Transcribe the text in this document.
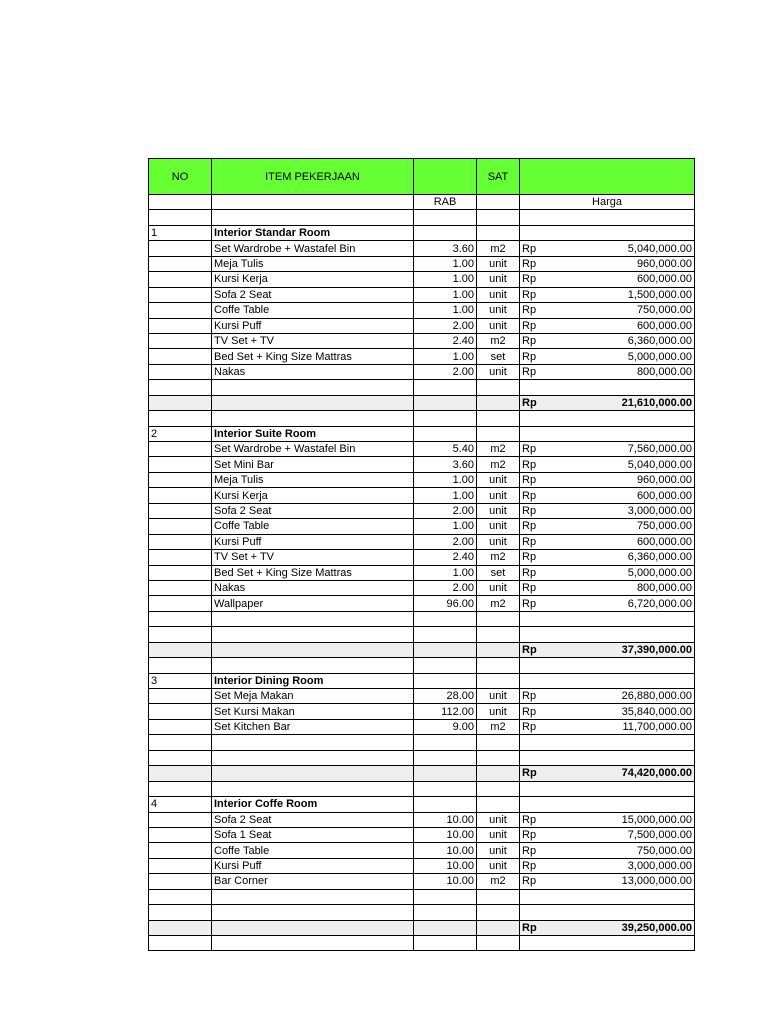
NO	ITEM PEKERJAAN		SAT	
		RAB		Harga

1	Interior Standar Room			
	Set Wardrobe + Wastafel Bin	3.60	m2	Rp 5,040,000.00

	Meja Tulis	1.00	unit	Rp 960,000.00

	Kursi Kerja	1.00	unit	Rp 600,000.00

	Sofa 2 Seat	1.00	unit	Rp 1,500,000.00

	Coffe Table	1.00	unit	Rp 750,000.00

	Kursi Puff	2.00	unit	Rp 600,000.00

	TV Set + TV	2.40	m2	Rp 6,360,000.00

	Bed Set + King Size Mattras	1.00	set	Rp 5,000,000.00

	Nakas	2.00	unit	Rp 800,000.00

				Rp 21,610,000.00

2	Interior Suite Room			
	Set Wardrobe + Wastafel Bin	5.40	m2	Rp 7,560,000.00

	Set Mini Bar	3.60	m2	Rp 5,040,000.00

	Meja Tulis	1.00	unit	Rp 960,000.00

	Kursi Kerja	1.00	unit	Rp 600,000.00

	Sofa 2 Seat	2.00	unit	Rp 3,000,000.00

	Coffe Table	1.00	unit	Rp 750,000.00

	Kursi Puff	2.00	unit	Rp 600,000.00

	TV Set + TV	2.40	m2	Rp 6,360,000.00

	Bed Set + King Size Mattras	1.00	set	Rp 5,000,000.00

	Nakas	2.00	unit	Rp 800,000.00

	Wallpaper	96.00	m2	Rp 6,720,000.00

				Rp 37,390,000.00

3	Interior Dining Room			
	Set Meja Makan	28.00	unit	Rp 26,880,000.00

	Set Kursi Makan	112.00	unit	Rp 35,840,000.00

	Set Kitchen Bar	9.00	m2	Rp 11,700,000.00

				Rp 74,420,000.00

4	Interior Coffe Room			
	Sofa 2 Seat	10.00	unit	Rp 15,000,000.00

	Sofa 1 Seat	10.00	unit	Rp 7,500,000.00

	Coffe Table	10.00	unit	Rp 750,000.00

	Kursi Puff	10.00	unit	Rp 3,000,000.00

	Bar Corner	10.00	m2	Rp 13,000,000.00

				Rp 39,250,000.00
